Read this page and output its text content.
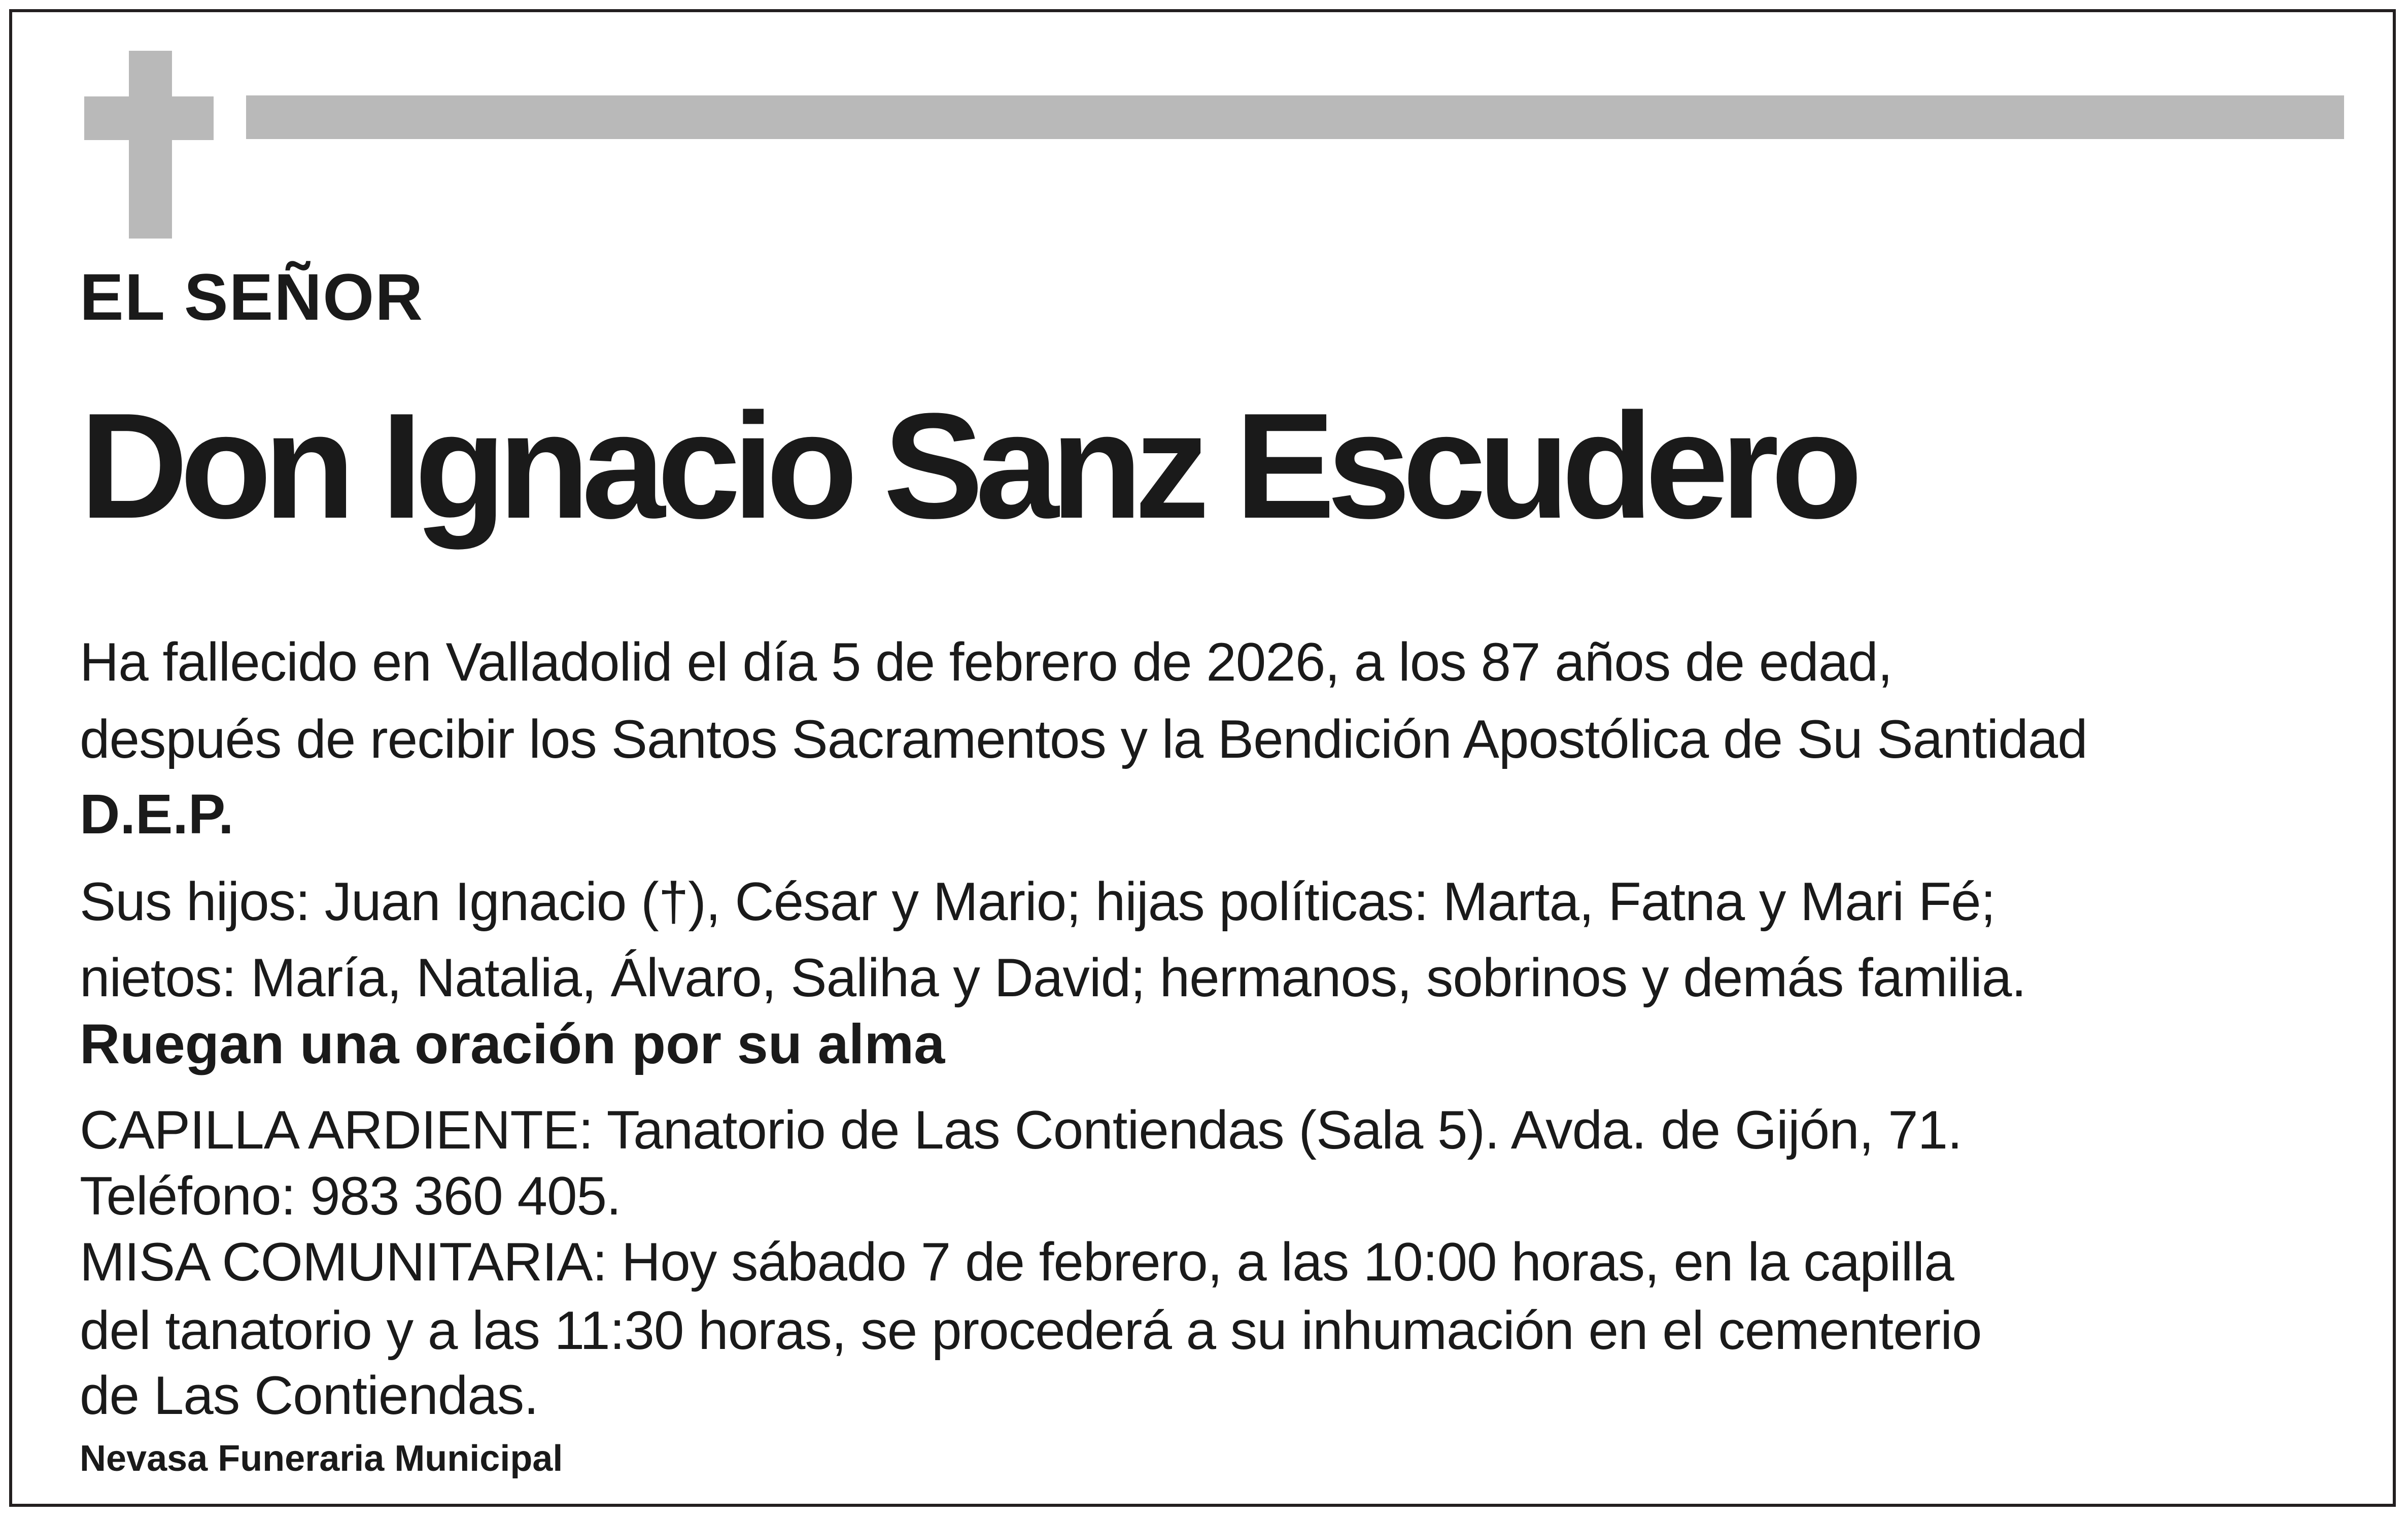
EL SEÑOR
Don Ignacio Sanz Escudero
Ha fallecido en Valladolid el día 5 de febrero de 2026, a los 87 años de edad,
después de recibir los Santos Sacramentos y la Bendición Apostólica de Su Santidad
D.E.P.
Sus hijos: Juan Ignacio (†), César y Mario; hijas políticas: Marta, Fatna y Mari Fé;
nietos: María, Natalia, Álvaro, Saliha y David; hermanos, sobrinos y demás familia.
Ruegan una oración por su alma
CAPILLA ARDIENTE: Tanatorio de Las Contiendas (Sala 5). Avda. de Gijón, 71.
Teléfono: 983 360 405.
MISA COMUNITARIA: Hoy sábado 7 de febrero, a las 10:00 horas, en la capilla
del tanatorio y a las 11:30 horas, se procederá a su inhumación en el cementerio
de Las Contiendas.
Nevasa Funeraria Municipal
